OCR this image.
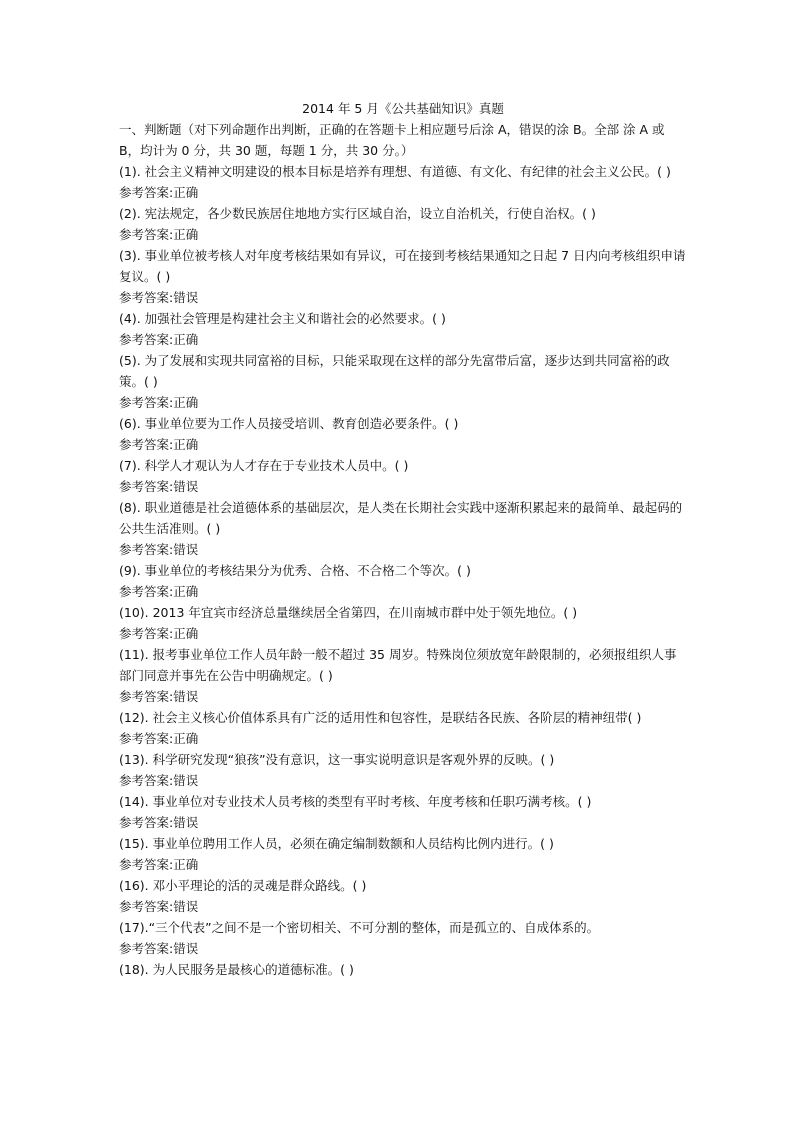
2014 年 5 月《公共基础知识》真题
一、判断题（对下列命题作出判断，正确的在答题卡上相应题号后涂 A，错误的涂 B。全部 涂 A 或 B，均计为 0 分，共 30 题，每题 1 分，共 30 分。）
(1). 社会主义精神文明建设的根本目标是培养有理想、有道德、有文化、有纪律的社会主义公民。( )
参考答案:正确
(2). 宪法规定，各少数民族居住地地方实行区域自治，设立自治机关，行使自治权。( )
参考答案:正确
(3). 事业单位被考核人对年度考核结果如有异议，可在接到考核结果通知之日起 7 日内向考核组织申请复议。( )
参考答案:错误
(4). 加强社会管理是构建社会主义和谐社会的必然要求。( )
参考答案:正确
(5). 为了发展和实现共同富裕的目标，只能采取现在这样的部分先富带后富，逐步达到共同富裕的政策。( )
参考答案:正确
(6). 事业单位要为工作人员接受培训、教育创造必要条件。( )
参考答案:正确
(7). 科学人才观认为人才存在于专业技术人员中。( )
参考答案:错误
(8). 职业道德是社会道德体系的基础层次，是人类在长期社会实践中逐渐积累起来的最简单、最起码的公共生活准则。( )
参考答案:错误
(9). 事业单位的考核结果分为优秀、合格、不合格二个等次。( )
参考答案:正确
(10). 2013 年宜宾市经济总量继续居全省第四，在川南城市群中处于领先地位。( )
参考答案:正确
(11). 报考事业单位工作人员年龄一般不超过 35 周岁。特殊岗位须放宽年龄限制的，必须报组织人事部门同意并事先在公告中明确规定。( )
参考答案:错误
(12). 社会主义核心价值体系具有广泛的适用性和包容性，是联结各民族、各阶层的精神纽带( )
参考答案:正确
(13). 科学研究发现“狼孩”没有意识，这一事实说明意识是客观外界的反映。( )
参考答案:错误
(14). 事业单位对专业技术人员考核的类型有平时考核、年度考核和任职巧满考核。( )
参考答案:错误
(15). 事业单位聘用工作人员，必须在确定编制数额和人员结构比例内进行。( )
参考答案:正确
(16). 邓小平理论的活的灵魂是群众路线。( )
参考答案:错误
(17).“三个代表”之间不是一个密切相关、不可分割的整体，而是孤立的、自成体系的。
参考答案:错误
(18). 为人民服务是最核心的道德标准。( )
